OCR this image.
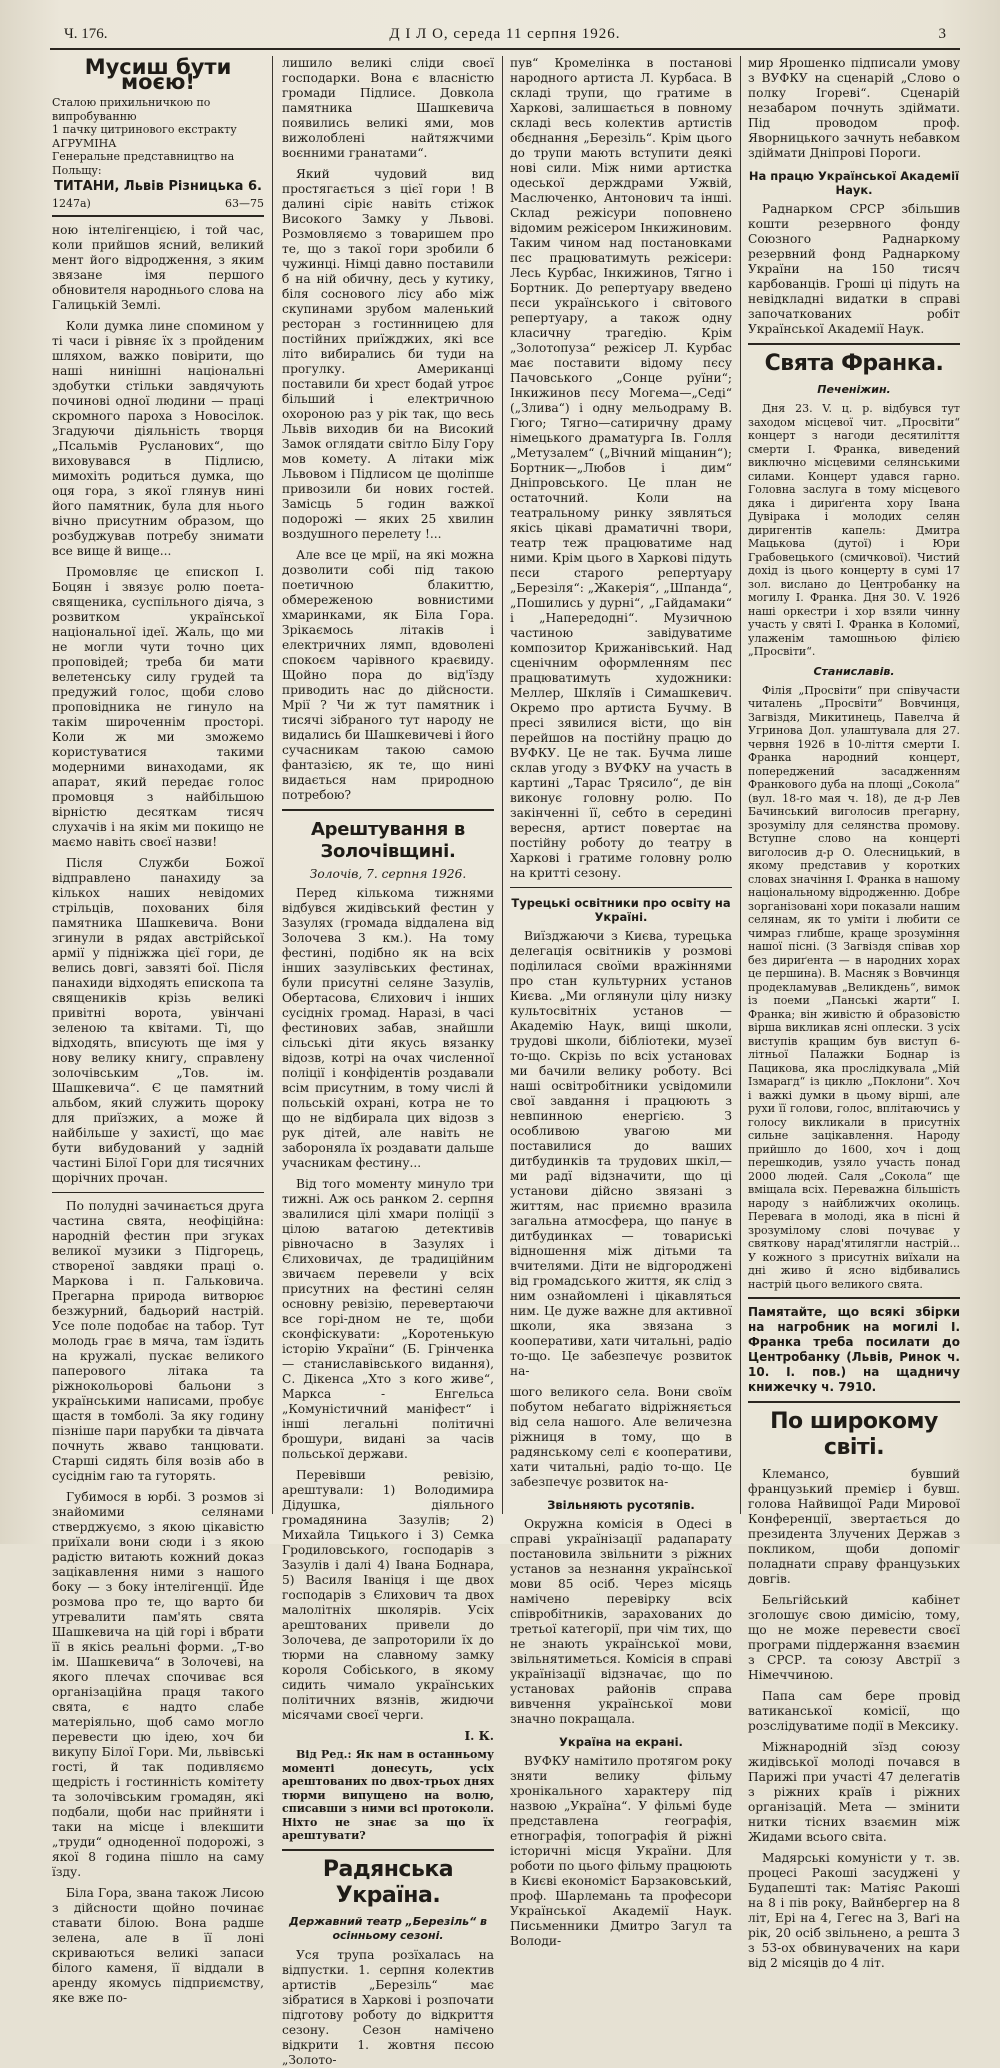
Ч. 176.	Д І Л О, середа 11 серпня 1926.	3
Мусиш бути моєю!
Сталою прихильничкою по випробуванню
1 пачку цитринового екстракту АГРУМІНА
Генеральне представництво на Польщу:
ТИТАНИ, Львів Різницька 6.
1247а)	63—75

ною інтелігенцією, і той час, коли прийшов ясний, великий мент його відродження, з яким звязане імя першого обновителя народнього слова на Галицькій Землі.

Коли думка лине спомином у ті часи і рівняє їх з пройденим шляхом, важко повірити, що наші нинішні національні здобутки стільки завдячують починові одної людини — праці скромного пароха з Новосілок. Згадуючи діяльність творця „Псальмів Русланових“, що виховувався в Підлисю, мимохіть родиться думка, що оця гора, з якої глянув нині його памятник, була для нього вічно присутним образом, що розбуджував потребу знимати все вище й вище...

Промовляє це єпископ І. Боцян і звязує ролю поета-священика, суспільного діяча, з розвитком української національної ідеї. Жаль, що ми не могли чути точно цих проповідей; треба би мати велетенську силу грудей та предужий голос, щоби слово проповідника не гинуло на такім широченнім просторі. Коли ж ми зможемо користуватися такими модерними винаходами, як апарат, який передає голос промовця з найбільшою вірністю десяткам тисяч слухачів і на якім ми покищо не маємо навіть своєї назви!

Після Служби Божої відправлено панахиду за кількох наших невідомих стрільців, похованих біля памятника Шашкевича. Вони згинули в рядах австрійської армії у підніжжа цієї гори, де велись довгі, завзяті бої. Після панахиди відходять епископа та священиків крізь великі привітні ворота, увінчані зеленою та квітами. Ті, що відходять, вписують ще імя у нову велику книгу, справлену золочівським „Тов. ім. Шашкевича“. Є це памятний альбом, який служить щороку для приїзжих, а може й найбільше у захистї, що має бути вибудований у задній частині Білої Гори для тисячних щорічних прочан.

По полудні зачинається друга частина свята, неофіційна: народній фестин при згуках великої музики з Підгорець, створеної завдяки праці о. Маркова і п. Гальковича. Прегарна природа витворює безжурний, бадьорий настрій. Усе поле подобає на табор. Тут молодь грає в мяча, там їздить на кружалі, пускає великого паперового літака та ріжнокольорові бальони з українськими написами, пробує щастя в томболі. За яку годину пізніше пари парубки та дівчата почнуть жваво танцювати. Старші сидять біля возів або в сусіднім гаю та гуторять.

Губимося в юрбі. З розмов зі знайомими селянами стверджуємо, з якою цікавістю приїхали вони сюди і з якою радістю витають кожний доказ зацікавлення ними з нашого боку — з боку інтелігенції. Йде розмова про те, що варто би утревалити пам'ять свята Шашкевича на цій горі і вбрати її в якісь реальні форми. „Т-во ім. Шашкевича“ в Золочеві, на якого плечах спочиває вся організаційна праця такого свята, є надто слабе матеріяльно, щоб само могло перевести цю ідею, хоч би викупу Білої Гори. Ми, львівські гості, й так подивляємо щедрість і гостинність комітету та золочівським громадян, які подбали, щоби нас прийняти і таки на місце і влекшити „труди“ одноденної подорожі, з якої 8 година пішло на саму їзду.

Біла Гора, звана також Лисою з дійсности щойно починає ставати білою. Вона радше зелена, але в її лоні скриваються великі запаси білого каменя, її віддали в аренду якомусь підприємству, яке вже по-

лишило великі сліди своєї господарки. Вона є власністю громади Підлисе. Довкола памятника Шашкевича появились великі ями, мов вижолоблені найтяжчими воєнними гранатами“.

Який чудовий вид простягається з цієї гори ! В далині сіріє навіть стіжок Високого Замку у Львові. Розмовляємо з товаришем про те, що з такої гори зробили б чужинці. Німці давно поставили б на ній обичну, десь у кутику, біля соснового лісу або між скупинами зрубом маленький ресторан з гостинницею для постійних приїжджих, які все літо вибирались би туди на прогулку. Американці поставили би хрест бодай утроє більший і електричною охороною раз у рік так, що весь Львів виходив би на Високий Замок оглядати світло Білу Гору мов комету. А літаки між Львовом і Підлисом це щоліпше привозили би нових гостей. Замісць 5 годин важкої подорожі — яких 25 хвилин воздушного перелету !...

Але все це мрії, на які можна дозволити собі під такою поетичною блакиттю, обмереженою вовнистими хмаринками, як Біла Гора. Зрікаємось літаків і електричних лямп, вдоволені спокоєм чарівного краєвиду. Щойно пора до від'їзду приводить нас до дійсности. Мрії ? Чи ж тут памятник і тисячі зібраного тут народу не видались би Шашкевичеві і його сучасникам такою самою фантазією, як те, що нині видається нам природною потребою?

Арештування в Золочівщині.
Золочів, 7. серпня 1926.

Перед кількома тижнями відбувся жидівський фестин у Зазулях (громада віддалена від Золочева 3 км.). На тому фестині, подібно як на всіх інших зазулівських фестинах, були присутні селяне Зазулів, Обертасова, Єлихович і інших сусідніх громад. Наразі, в часі фестинових забав, знайшли сільські діти якусь вязанку відозв, котрі на очах численної поліції і конфідентів роздавали всім присутним, в тому числі й польській охрані, котра не то що не відбирала цих відозв з рук дітей, але навіть не забороняла їх роздавати дальше учасникам фестину...

Від того моменту минуло три тижні. Аж ось ранком 2. серпня звалилися цілі хмари поліції з цілою ватагою детективів рівночасно в Зазулях і Єлиховичах, де традиційним звичаєм перевели у всіх присутних на фестині селян основну ревізію, перевертаючи все горі-дном не те, щоби сконфіскувати: „Коротенькую історію України“ (Б. Грінченка — станиславівського видання), С. Дікенса „Хто з кого живе“, Маркса - Енгельса „Комуністичний маніфест“ і інші легальні політичні брошури, видані за часів польської держави.

Перевівши ревізію, арештували: 1) Володимира Дідушка, діяльного громадянина Зазулів; 2) Михайла Тицького і 3) Семка Гродиловського, господарів з Зазулів і далі 4) Івана Боднара, 5) Василя Іваніця і ще двох господарів з Єлихович та двох малолітніх школярів. Усіх арештованих привели до Золочева, де запроторили їх до тюрми на славному замку короля Собіського, в якому сидить чимало українських політичних вязнів, жидючи місячами своєї черги.

І. К.

Від Ред.: Як нам в останньому моменті донесуть, усіх арештованих по двох-трьох днях тюрми випущено на волю, списавши з ними всі протоколи. Ніхто не знає за що їх арештувати?

Радянська Україна.
Державний театр „Березіль“ в осінньому сезоні.

Уся трупа розїхалась на відпустки. 1. серпня колектив артистів „Березіль“ має зібратися в Харкові і розпочати підготову роботу до відкриття сезону. Сезон намічено відкрити 1. жовтня пєсою „Золото-

пув“ Кромелінка в постанові народного артиста Л. Курбаса. В складі трупи, що гратиме в Харкові, залишається в повному складі весь колектив артистів обєднання „Березіль“. Крім цього до трупи мають вступити деякі нові сили. Між ними артистка одеської держдрами Ужвій, Маслюченко, Антонович та інші. Склад режісури поповнено відомим режісером Інкижиновим. Таким чином над постановками пєс працюватимуть режісери: Лесь Курбас, Інкижинов, Тягно і Бортник. До репертуару введено пєси українського і світового репертуару, а також одну класичну трагедію. Крім „Золотопуза“ режісер Л. Курбас має поставити відому пєсу Пачовського „Сонце руїни“; Інкижинов пєсу Могема—„Седі“ („Злива“) і одну мельодраму В. Гюго; Тягно—сатиричну драму німецького драматурга Ів. Голля „Метузалем“ („Вічний міщанин“); Бортник—„Любов і дим“ Дніпровського. Це план не остаточний. Коли на театральному ринку зявляться якісь цікаві драматичні твори, театр теж працюватиме над ними. Крім цього в Харкові підуть пєси старого репертуару „Березіля“: „Жакерія“, „Шпанда“, „Пошились у дурні“, „Гайдамаки“ і „Напередодні“. Музичною частиною завідуватиме композитор Крижанівський. Над сценічним оформленням пєс працюватимуть художники: Меллер, Шкляїв і Симашкевич. Окремо про артиста Бучму. В пресі зявилися вісти, що він перейшов на постійну працю до ВУФКУ. Це не так. Бучма лише склав угоду з ВУФКУ на участь в картині „Тарас Трясило“, де він виконує головну ролю. По закінченні її, себто в середині вересня, артист повертає на постійну роботу до театру в Харкові і гратиме головну ролю на критті сезону.

Турецькі освітники про освіту на Україні.

Виїзджаючи з Києва, турецька делегація освітників у розмові поділилася своїми вражіннями про стан культурних установ Києва. „Ми оглянули цілу низку культосвітніх установ — Академію Наук, вищі школи, трудові школи, бібліотеки, музеї то-що. Скрізь по всіх установах ми бачили велику роботу. Всі наші освітробітники усвідомили свої завдання і працюють з невпинною енергією. З особливою увагою ми поставилися до ваших дитбудинків та трудових шкіл,—ми радї відзначити, що ці установи дійсно звязані з життям, нас приємно вразила загальна атмосфера, що панує в дитбудинках — товариські відношення між дітьми та вчителями. Діти не відгороджені від громадського життя, як слід з ним ознайомлені і цікавляться ним. Це дуже важне для активної школи, яка звязана з кооперативи, хати читальні, радіо то-що. Це забезпечує розвиток на-

шого великого села. Вони своїм побутом небагато відріжняється від села нашого. Але величезна ріжниця в тому, що в радянському селі є кооперативи, хати читальні, радіо то-що. Це забезпечує розвиток на-

Звільняють русотяпів.

Окружна комісія в Одесі в справі українізації радапарату постановила звільнити з ріжних установ за незнання української мови 85 осіб. Через місяць намічено перевірку всіх співробітників, зарахованих до третьої категорії, при чім тих, що не знають української мови, звільнятиметься. Комісія в справі українізації відзначає, що по установах районів справа вивчення української мови значно покращала.

Україна на екрані.

ВУФКУ намітило протягом року зняти велику фільму хронікального характеру під назвою „Україна“. У фільмі буде представлена географія, етнографія, топографія й ріжні історичні місця України. Для роботи по цього фільму працюють в Києві економіст Барзаковський, проф. Шарлемань та професори Української Академії Наук. Письменники Дмитро Загул та Володи-

мир Ярошенко підписали умову з ВУФКУ на сценарій „Слово о полку Ігореві“. Сценарій незабаром почнуть здіймати. Під проводом проф. Яворницького зачнуть небавком здіймати Дніпрові Пороги.

На працю Української Академії Наук.

Раднарком СРСР збільшив кошти резервного фонду Союзного Раднаркому резервний фонд Раднаркому України на 150 тисяч карбованців. Гроші ці підуть на невідкладні видатки в справі започаткованих робіт Української Академії Наук.

Свята Франка.
Печеніжин.

Дня 23. V. ц. р. відбувся тут заходом місцевої чит. „Просвіти“ концерт з нагоди десятиліття смерти І. Франка, виведений виключно місцевими селянськими силами. Концерт удався гарно. Головна заслуга в тому місцевого дяка і дириґента хору Івана Дувірака і молодих селян диригентів капель: Дмитра Мацькова (дутої) і Юри Грабовецького (смичкової). Чистий дохід із цього концерту в сумі 17 зол. вислано до Центробанку на могилу І. Франка. Дня 30. V. 1926 наші оркестри і хор взяли чинну участь у святі І. Франка в Коломиї, улаженім тамошньою філією „Просвіти“.

Станиславів.

Філія „Просвіти“ при співучасти читалень „Просвіти“ Вовчинця, Загвіздя, Микитинець, Павелча й Угринова Дол. улаштувала для 27. червня 1926 в 10-ліття смерти І. Франка народний концерт, попереджений засадженням Франкового дуба на площі „Сокола“ (вул. 18-го мая ч. 18), де д-р Лев Бачинський виголосив прегарну, зрозумілу для селянства промову. Вступне слово на концерті виголосив д-р О. Олесницький, в якому представив у коротких словах значіння І. Франка в нашому національному відродженню. Добре зорганізовані хори показали нашим селянам, як то уміти і любити се чимраз глибше, краще зрозуміння нашої пісні. (З Загвіздя співав хор без дириґента — в народних хорах це першина). В. Масняк з Вовчинця продекламував „Великдень“, вимок із поеми „Панські жарти“ І. Франка; він живістю й образовістю вірша викликав ясні оплески. З усіх виступів кращим був виступ 6-літньої Палажки Боднар із Пацикова, яка прослідкувала „Мій Ізмарагд“ із циклю „Поклони“. Хоч і важкі думки в цьому вірші, але рухи її голови, голос, вплітаючись у голосу викликали в присутніх сильне зацікавлення. Народу прийшло до 1600, хоч і дощ перешкодив, узяло участь понад 2000 людей. Саля „Сокола“ ще вміщала всіх. Переважна більшість народу з найближчих околиць. Перевага в молоді, яка в пісні й зрозумілому слові почуває у святкову нарад'ятилягли настрій... У кожного з присутніх виїхали на дні живо й ясно відбивались настрій цього великого свята.

Памятайте, що всякі збірки на нагробник на могилі І. Франка треба посилати до Центробанку (Львів, Ринок ч. 10. І. пов.) на щадничу книжечку ч. 7910.
По широкому світі.

Клемансо, бувший французький премієр і бувш. голова Найвищої Ради Мирової Конференції, звертається до президента Злучених Держав з покликом, щоби допоміг поладнати справу французьких довгів.

Бельгійський кабінет зголошує свою димісію, тому, що не може перевести своєї програми піддержання взаємин з СРСР. та союзу Австрії з Німеччиною.

Папа сам бере провід ватиканської комісії, що розслідуватиме події в Мексику.

Міжнародній зїзд союзу жидівської молоді почався в Парижі при участі 47 делегатів з ріжних країв і ріжних організацій. Мета — змінити нитки тісних взаємин між Жидами всього світа.

Мадярські комуністи у т. зв. процесі Ракоші засуджені у Будапешті так: Матіяс Ракоші на 8 і пів року, Вайнбергер на 8 літ, Ері на 4, Гегес на 3, Ваґі на рік, 20 осіб звільнено, а решта 3 з 53-ох обвинувачених на кари від 2 місяців до 4 літ.
